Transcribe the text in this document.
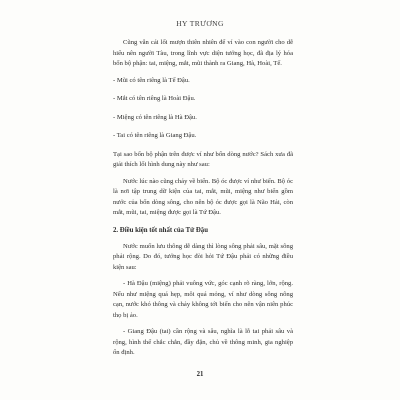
HY TRƯƠNG

Cũng vẫn cái lối mượn thiên nhiên để ví vào con người cho dễ hiểu nên người Tàu, trong lĩnh vực diện tướng học, đã địa lý hóa bốn bộ phận: tai, miệng, mắt, mũi thành ra Giang, Hà, Hoài, Tế.

- Mũi có tên riêng là Tế Đậu.

- Mắt có tên riêng là Hoài Đậu.

- Miệng có tên riêng là Hà Đậu.

- Tai có tên riêng là Giang Đậu.

Tại sao bốn bộ phận trên được ví như bốn dòng nước? Sách xưa đã giải thích lối hình dung này như sau:

Nước lúc nào cũng chảy về biển. Bộ óc được ví như biển. Bộ óc là nơi tập trung dữ kiện của tai, mắt, mũi, miệng như biển gồm nước của bốn dòng sông, cho nên bộ óc được gọi là Não Hải, còn mắt, mũi, tai, miệng được gọi là Tứ Đậu.

2. Điều kiện tốt nhất của Tứ Đậu

Nước muốn lưu thông dễ dàng thì lòng sông phải sâu, mặt sông phải rộng. Do đó, tướng học đòi hỏi Tứ Đậu phải có những điều kiện sau:

- Hà Đậu (miệng) phải vuông vức, góc cạnh rõ ràng, lớn, rộng. Nếu như miệng quá hẹp, môi quá mỏng, ví như dòng sông nông cạn, nước khó thông và chảy không tới biển cho nên vận niên phúc thọ bị ảo.

- Giang Đậu (tai) cần rộng và sâu, nghĩa là lỗ tai phải sâu và rộng, hình thể chắc chắn, đầy đặn, chủ về thông minh, gia nghiệp ổn định.

21
